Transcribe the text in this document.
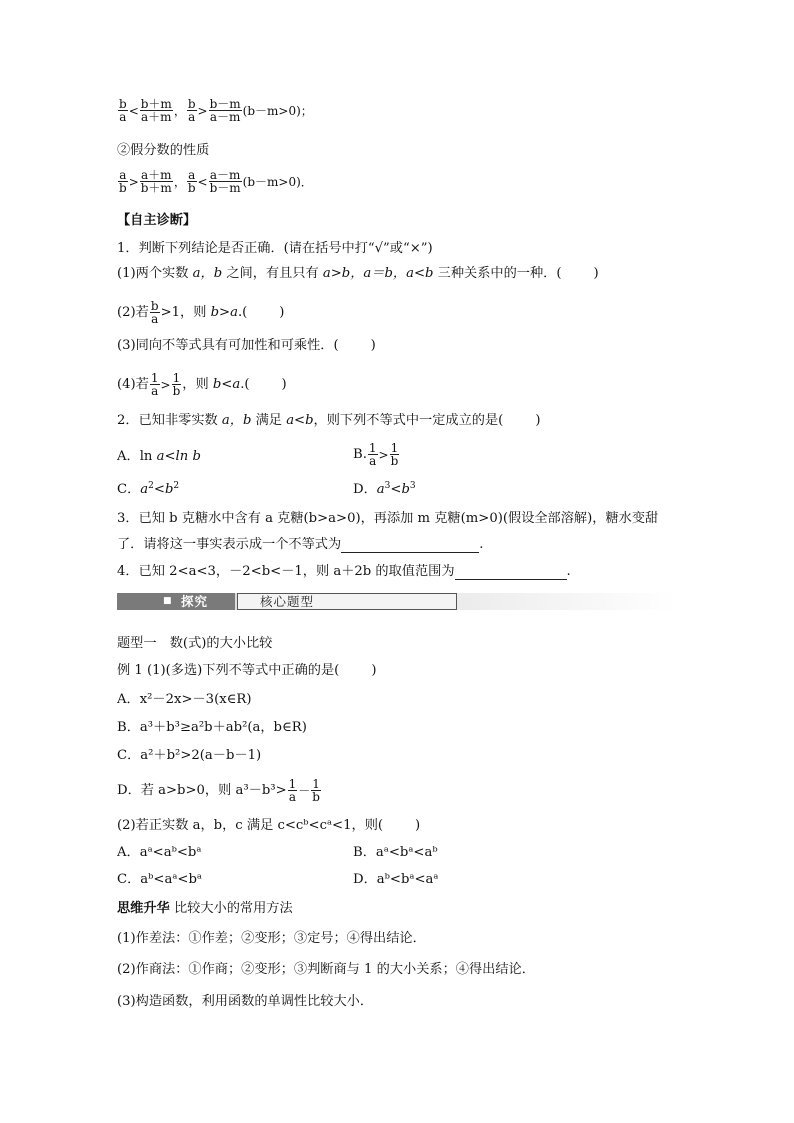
$\frac{b}{a} < \frac{b+m}{a+m}$ ， $\frac{b}{a} > \frac{b-m}{a-m} (b-m>0)$；
②假分数的性质
$\frac{a}{b} > \frac{a+m}{b+m}$ ， $\frac{a}{b} < \frac{a-m}{b-m} (b-m>0)$．
【自主诊断】
1．判断下列结论是否正确．(请在括号中打“√”或“×”)
(1)两个实数 a，b 之间，有且只有 a>b，a＝b，a<b 三种关系中的一种．( )
(2)若 $\frac{b}{a} >1$，则 b>a.( )
(3)同向不等式具有可加性和可乘性．( )
(4)若 $\frac{1}{a} > \frac{1}{b}$ ，则 b<a.( )
2．已知非零实数 a，b 满足 a<b，则下列不等式中一定成立的是( )
A．ln a<ln b	B. $\frac{1}{a} > \frac{1}{b}$
C．$a^2<b^2$	D．$a^3<b^3$
3．已知 b 克糖水中含有 a 克糖(b>a>0)，再添加 m 克糖(m>0)(假设全部溶解)，糖水变甜
了．请将这一事实表示成一个不等式为	.
4．已知 2<a<3，－2<b<－1，则 a＋2b 的取值范围为	.
■ 探究	核心题型
题型一　数(式)的大小比较
例 1 (1)(多选)下列不等式中正确的是( )
A．x²－2x>－3(x∈R)
B．a³＋b³≥a²b＋ab²(a，b∈R)
C．a²＋b²>2(a－b－1)
D．若 a>b>0，则 $a^3-b^3> \frac{1}{a} - \frac{1}{b}$
(2)若正实数 a，b，c 满足 c<cᵇ<cᵃ<1，则( )
A．aᵃ<aᵇ<bᵃ	B．aᵃ<bᵃ<aᵇ
C．aᵇ<aᵃ<bᵃ	D．aᵇ<bᵃ<aᵃ
思维升华 比较大小的常用方法
(1)作差法：①作差；②变形；③定号；④得出结论．
(2)作商法：①作商；②变形；③判断商与 1 的大小关系；④得出结论．
(3)构造函数，利用函数的单调性比较大小．
